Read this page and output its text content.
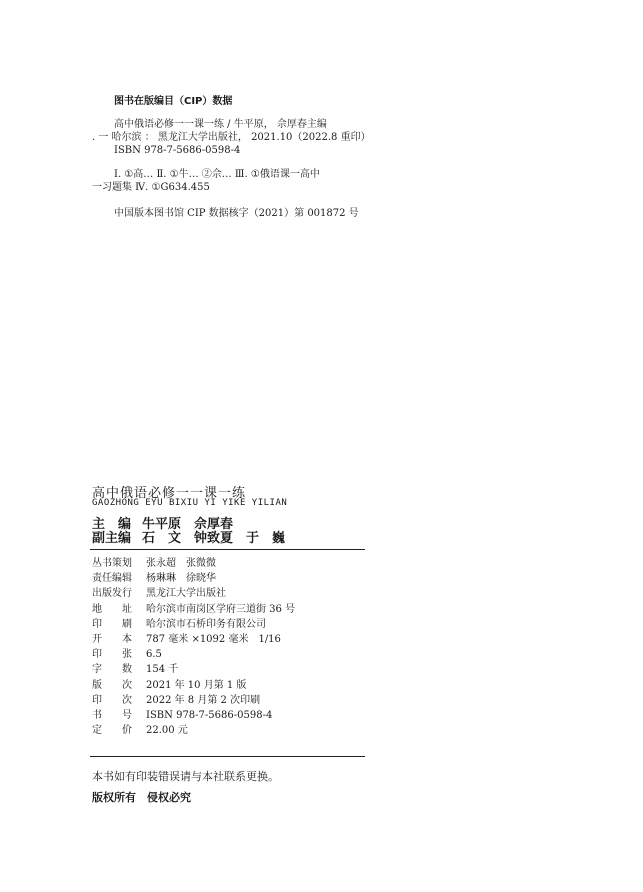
图书在版编目（CIP）数据
高中俄语必修一一课一练 / 牛平原， 佘厚春主编
. 一 哈尔滨 ： 黑龙江大学出版社， 2021.10（2022.8 重印）
ISBN 978-7-5686-0598-4
Ⅰ. ①高… Ⅱ. ①牛… ②佘… Ⅲ. ①俄语课一高中
一习题集 Ⅳ. ①G634.455
中国版本图书馆 CIP 数据核字（2021）第 001872 号
高中俄语必修一一课一练
GAOZHONG EYU BIXIU YI YIKE YILIAN
主　编 牛平原　佘厚春
副主编 石　文　钟致夏　于　巍
丛书策划 张永超　张微微
责任编辑 杨琳琳　徐晓华
出版发行 黑龙江大学出版社
地　　址 哈尔滨市南岗区学府三道街 36 号
印　　刷 哈尔滨市石桥印务有限公司
开　　本 787 毫米 ×1092 毫米　1/16
印　　张 6.5
字　　数 154 千
版　　次 2021 年 10 月第 1 版
印　　次 2022 年 8 月第 2 次印刷
书　　号 ISBN 978-7-5686-0598-4
定　　价 22.00 元
本书如有印装错误请与本社联系更换。
版权所有　侵权必究
